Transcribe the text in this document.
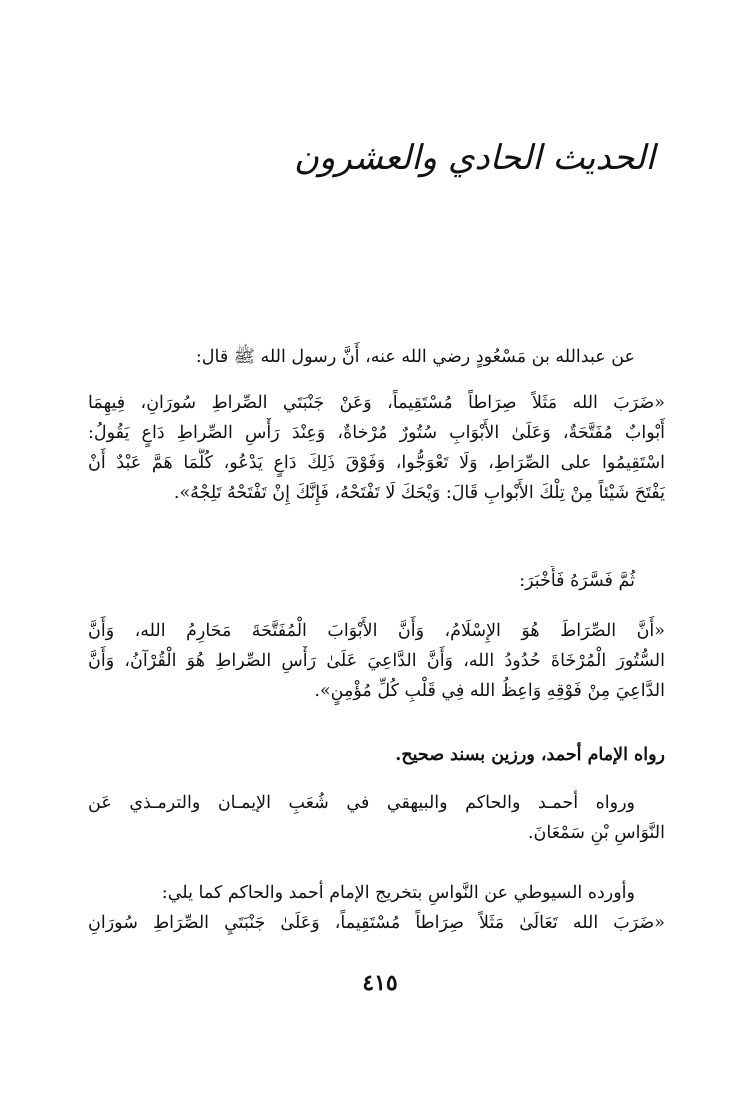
الحديث الحادي والعشرون
عن عبدالله بن مَسْعُودٍ رضي الله عنه، أَنَّ رسول الله ﷺ قال:
«ضَرَبَ الله مَثَلاً صِرَاطاً مُسْتَقِيماً، وَعَنْ جَنْبَتَي الصِّراطِ سُورَانِ، فِيهِمَا
أَبْوابٌ مُفَتَّحَةٌ، وَعَلَىٰ الأَبْوَابِ سُتُورٌ مُرْخاةٌ، وَعِنْدَ رَأْسِ الصِّراطِ دَاعٍ يَقُولُ:
اسْتَقِيمُوا على الصِّرَاطِ، وَلَا تَعْوَجُّوا، وَفَوْقَ ذَلِكَ دَاعٍ يَدْعُو، كُلَّمَا هَمَّ عَبْدٌ أَنْ
يَفْتَحَ شَيْئاً مِنْ تِلْكَ الأَبْوابِ قَالَ: وَيْحَكَ لَا تَفْتَحْهُ، فَإِنَّكَ إِنْ تَفْتَحْهُ تَلِجْهُ».
ثُمَّ فَسَّرَهُ فَأَخْبَرَ:
«أَنَّ الصِّرَاطَ هُوَ الإِسْلَامُ، وَأَنَّ الأَبْوَابَ الْمُفَتَّحَةَ مَحَارِمُ الله، وَأَنَّ
السُّتُورَ الْمُرْخَاةَ حُدُودُ الله، وَأَنَّ الدَّاعِيَ عَلَىٰ رَأْسِ الصِّراطِ هُوَ الْقُرْآنُ، وَأَنَّ
الدَّاعِيَ مِنْ فَوْقِهِ وَاعِظُ الله فِي قَلْبِ كُلِّ مُؤْمِنٍ».
رواه الإمام أحمد، ورزين بسند صحيح.
ورواه أحمـد والحاكم والبيهقي في شُعَبِ الإيمـان والترمـذي عَن
النَّوَاسِ بْنِ سَمْعَانَ.
وأورده السيوطي عن النَّواسِ بتخريج الإمام أحمد والحاكم كما يلي:
«ضَرَبَ الله تَعَالَىٰ مَثَلاً صِرَاطاً مُسْتَقِيماً، وَعَلَىٰ جَنْبَتَيِ الصِّرَاطِ سُورَانِ
٤١٥
